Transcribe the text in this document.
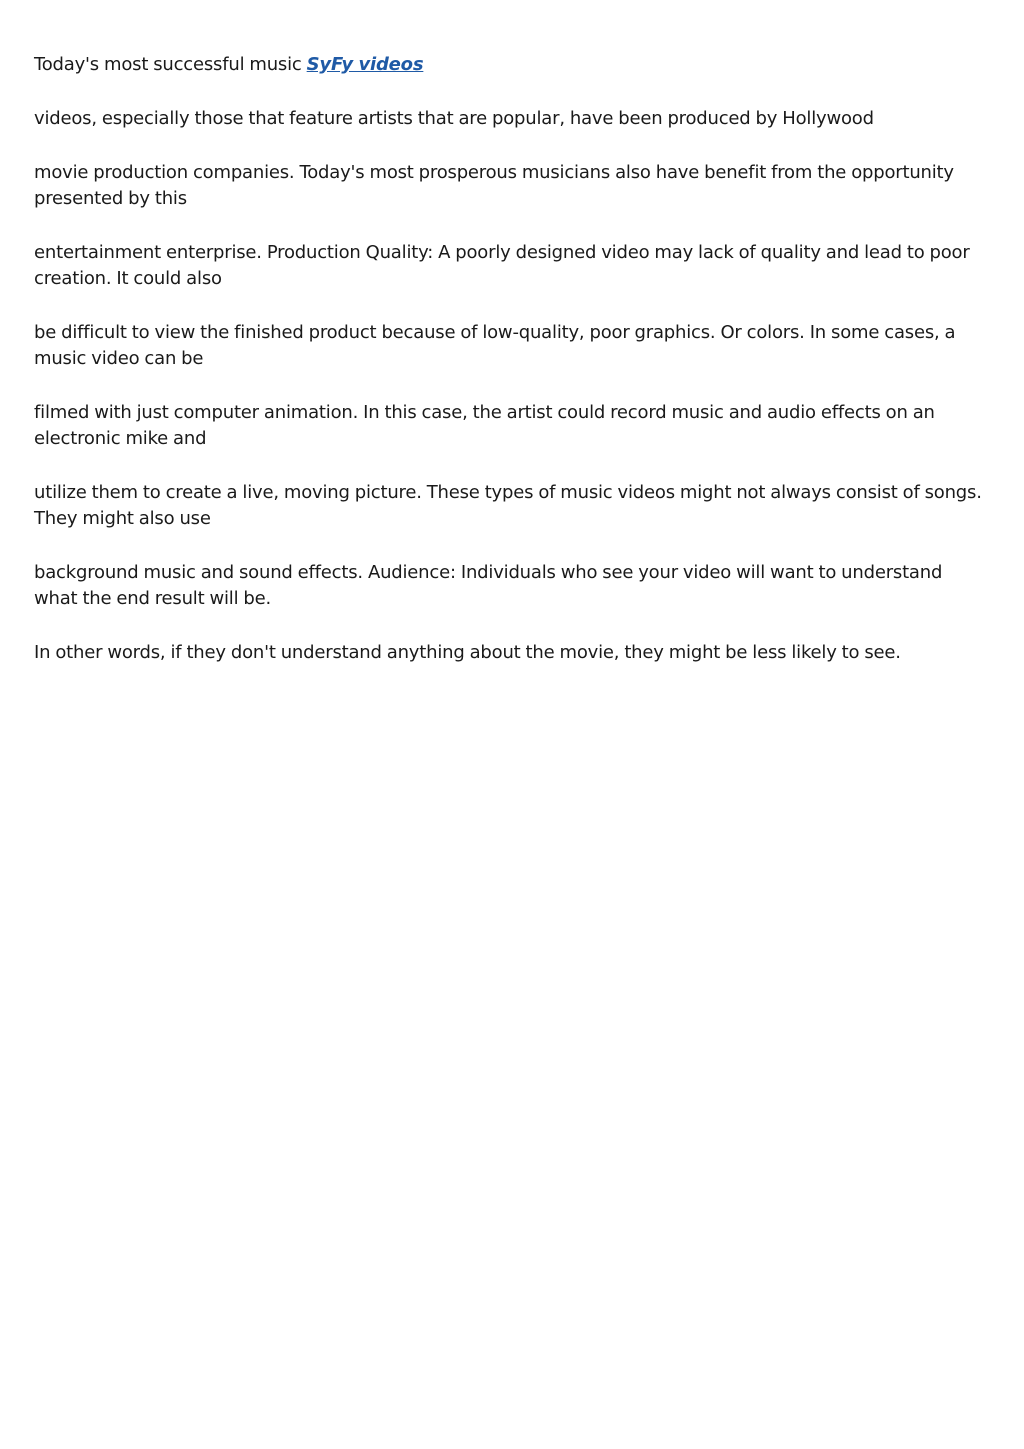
Today's most successful music SyFy videos

videos, especially those that feature artists that are popular, have been produced by Hollywood

movie production companies. Today's most prosperous musicians also have benefit from the opportunity presented by this

entertainment enterprise. Production Quality: A poorly designed video may lack of quality and lead to poor creation. It could also

be difficult to view the finished product because of low-quality, poor graphics. Or colors. In some cases, a music video can be

filmed with just computer animation. In this case, the artist could record music and audio effects on an electronic mike and

utilize them to create a live, moving picture. These types of music videos might not always consist of songs. They might also use

background music and sound effects. Audience: Individuals who see your video will want to understand what the end result will be.

In other words, if they don't understand anything about the movie, they might be less likely to see.
